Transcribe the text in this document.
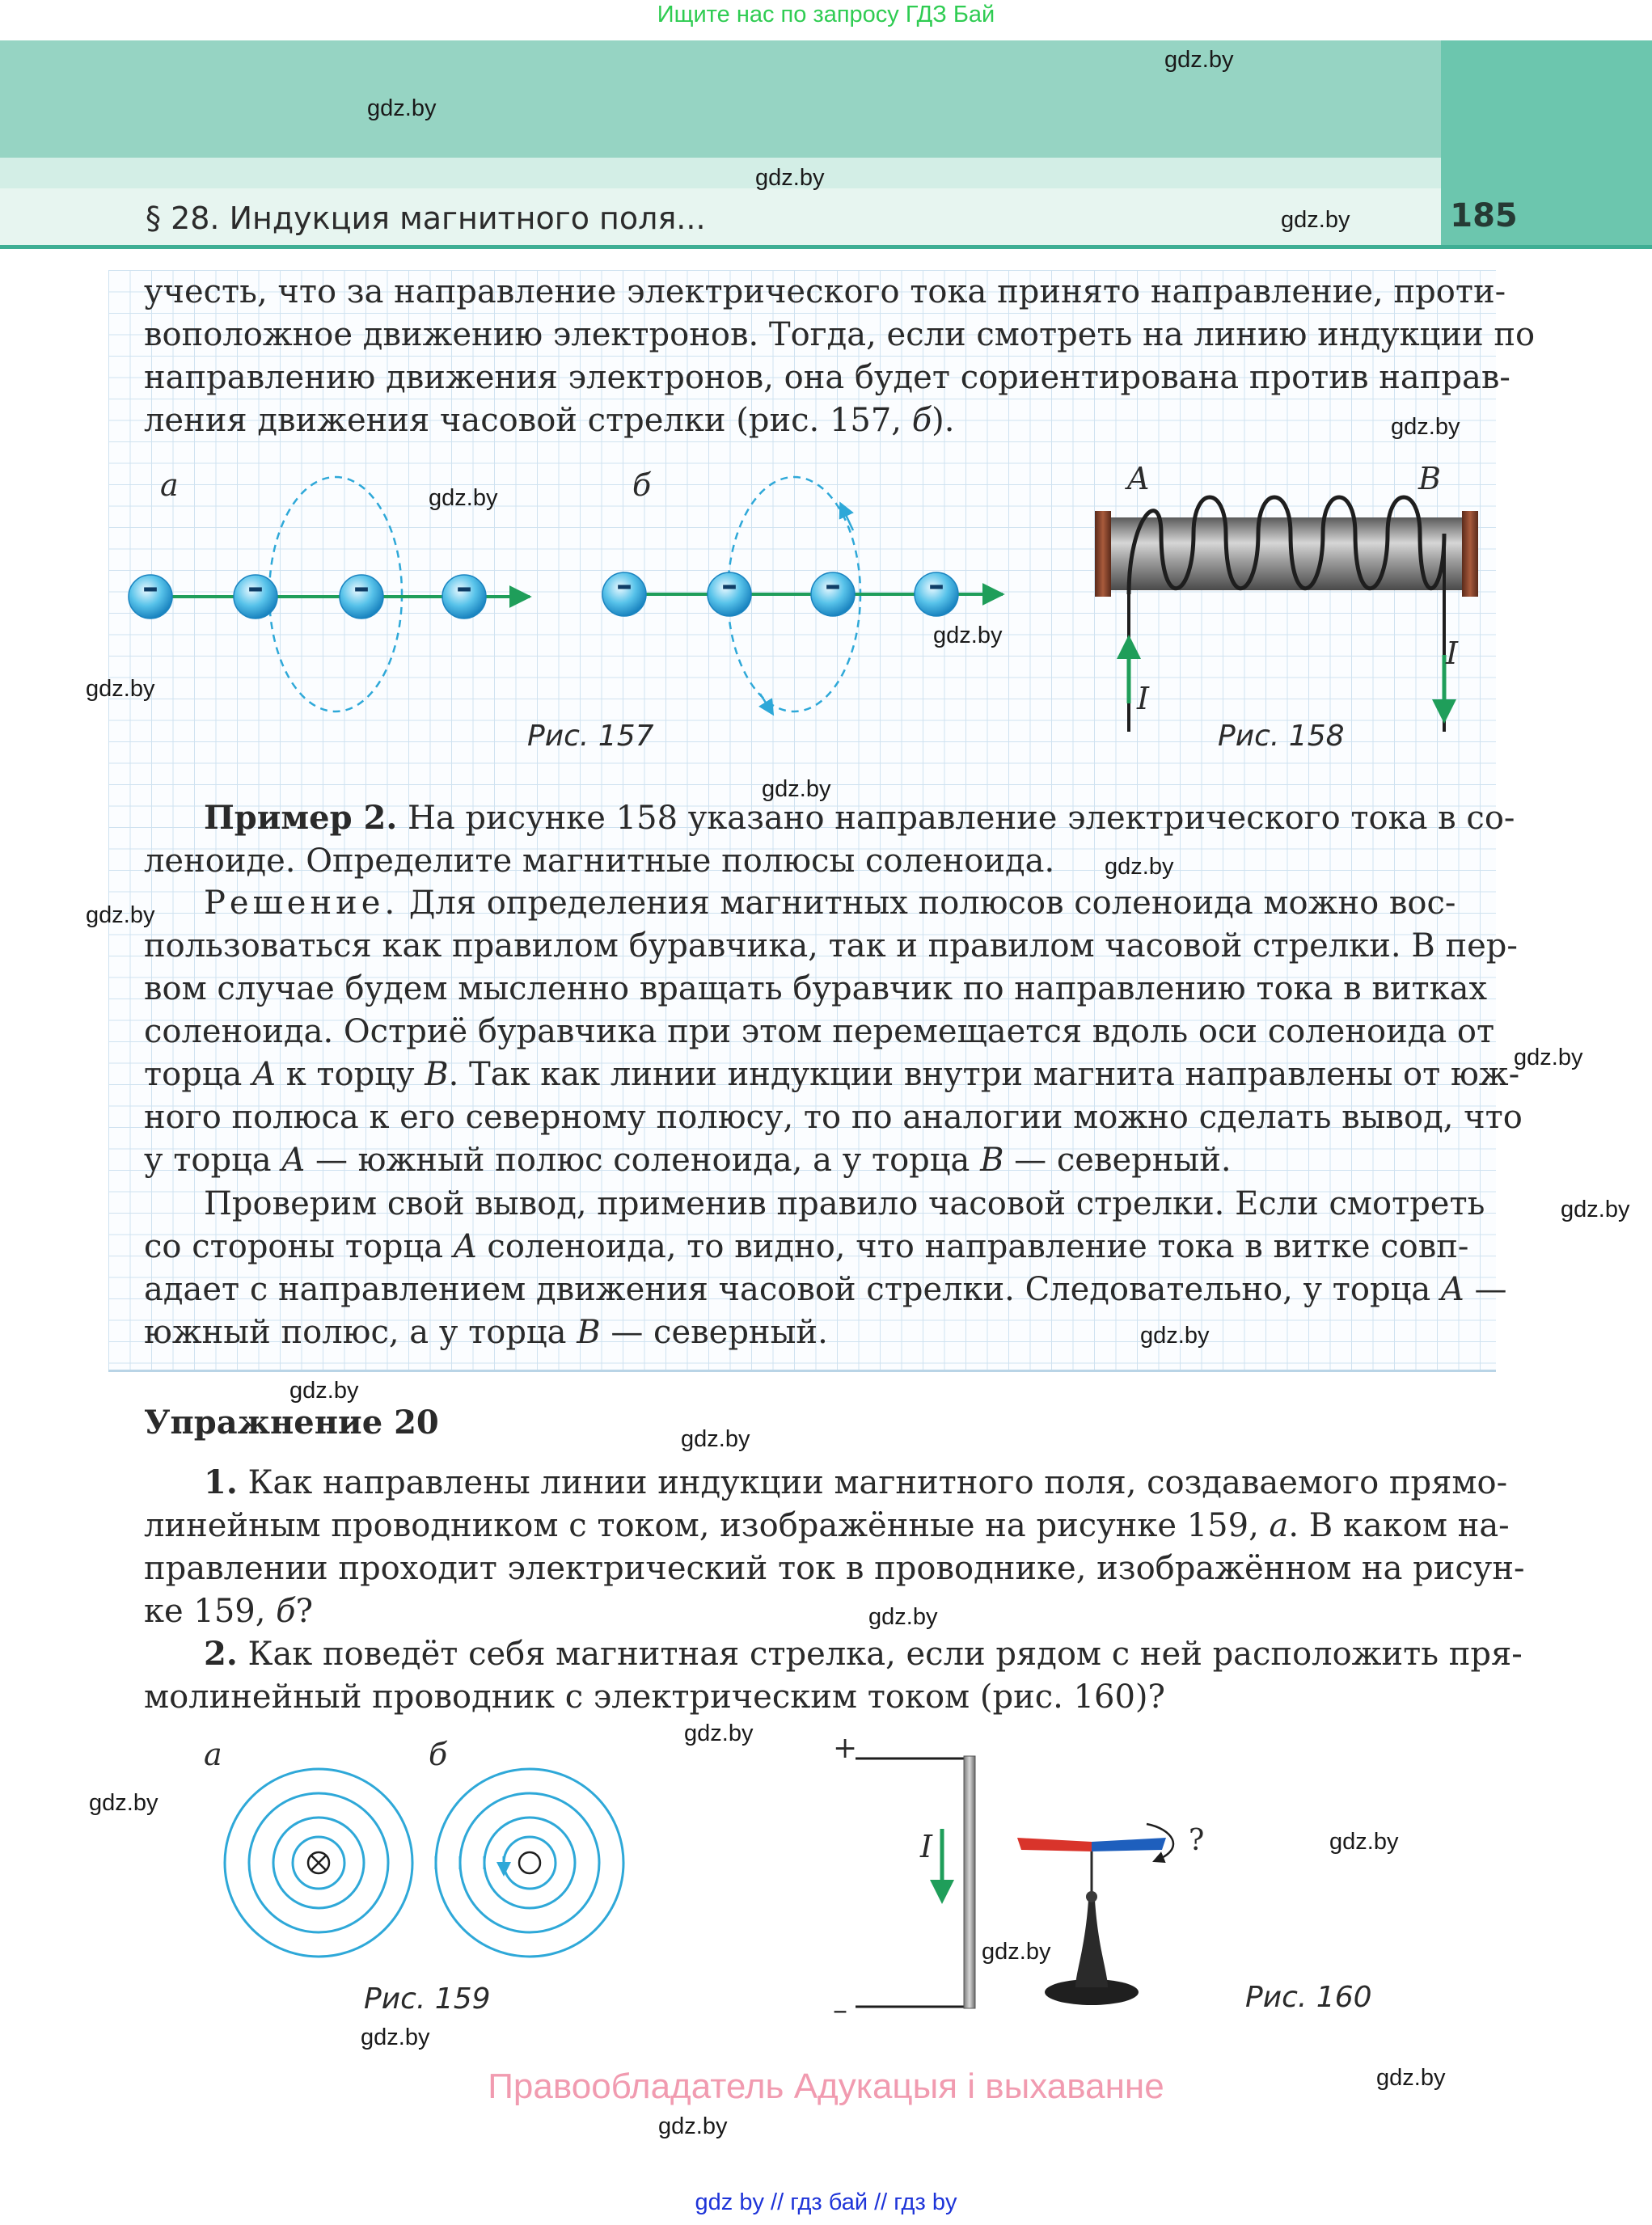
Ищите нас по запросу ГДЗ Бай
§ 28. Индукция магнитного поля...	185
учесть, что за направление электрического тока принято направление, проти-
воположное движению электронов. Тогда, если смотреть на линию индукции по
направлению движения электронов, она будет сориентирована против направ-
ления движения часовой стрелки (рис. 157, б).
–	–	–	–	–	–	–	–
а	б
Рис. 157
A	B
I
I
Рис. 158
Пример 2. На рисунке 158 указано направление электрического тока в со-
леноиде. Определите магнитные полюсы соленоида.
Решение. Для определения магнитных полюсов соленоида можно вос-
пользоваться как правилом буравчика, так и правилом часовой стрелки. В пер-
вом случае будем мысленно вращать буравчик по направлению тока в витках
соленоида. Остриё буравчика при этом перемещается вдоль оси соленоида от
торца A к торцу B. Так как линии индукции внутри магнита направлены от юж-
ного полюса к его северному полюсу, то по аналогии можно сделать вывод, что
у торца A — южный полюс соленоида, а у торца B — северный.
Проверим свой вывод, применив правило часовой стрелки. Если смотреть
со стороны торца A соленоида, то видно, что направление тока в витке совп-
адает с направлением движения часовой стрелки. Следовательно, у торца A —
южный полюс, а у торца B — северный.
Упражнение 20
1. Как направлены линии индукции магнитного поля, создаваемого прямо-
линейным проводником с током, изображённые на рисунке 159, а. В каком на-
правлении проходит электрический ток в проводнике, изображённом на рисун-
ке 159, б?
2. Как поведёт себя магнитная стрелка, если рядом с ней расположить пря-
молинейный проводник с электрическим током (рис. 160)?
а	б
Рис. 159
+
–
I	?
Рис. 160
gdz.by
gdz.by
gdz.by
gdz.by
gdz.by
gdz.by
gdz.by
gdz.by
gdz.by
gdz.by
gdz.by
gdz.by
gdz.by
gdz.by
gdz.by
gdz.by
gdz.by
gdz.by
gdz.by
gdz.by
gdz.by
gdz.by
gdz.by
gdz.by
Правообладатель Адукацыя і выхаванне
gdz by // гдз бай // гдз by
